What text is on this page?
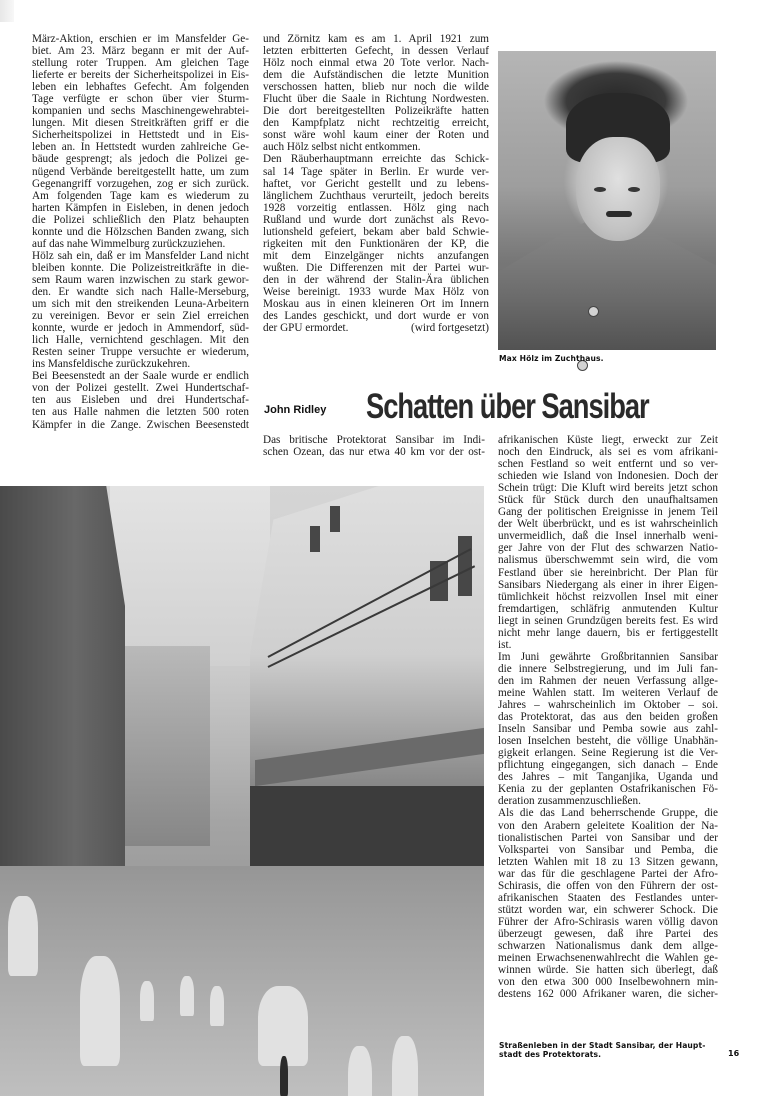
März-Aktion, erschien er im Mansfelder Ge-

biet. Am 23. März begann er mit der Auf-

stellung roter Truppen. Am gleichen Tage

lieferte er bereits der Sicherheitspolizei in Eis-

leben ein lebhaftes Gefecht. Am folgenden

Tage verfügte er schon über vier Sturm-

kompanien und sechs Maschinengewehrabtei-

lungen. Mit diesen Streitkräften griff er die

Sicherheitspolizei in Hettstedt und in Eis-

leben an. In Hettstedt wurden zahlreiche Ge-

bäude gesprengt; als jedoch die Polizei ge-

nügend Verbände bereitgestellt hatte, um zum

Gegenangriff vorzugehen, zog er sich zurück.

Am folgenden Tage kam es wiederum zu

harten Kämpfen in Eisleben, in denen jedoch

die Polizei schließlich den Platz behaupten

konnte und die Hölzschen Banden zwang, sich

auf das nahe Wimmelburg zurückzuziehen.

Hölz sah ein, daß er im Mansfelder Land nicht

bleiben konnte. Die Polizeistreitkräfte in die-

sem Raum waren inzwischen zu stark gewor-

den. Er wandte sich nach Halle-Merseburg,

um sich mit den streikenden Leuna-Arbeitern

zu vereinigen. Bevor er sein Ziel erreichen

konnte, wurde er jedoch in Ammendorf, süd-

lich Halle, vernichtend geschlagen. Mit den

Resten seiner Truppe versuchte er wiederum,

ins Mansfeldische zurückzukehren.

Bei Beesenstedt an der Saale wurde er endlich

von der Polizei gestellt. Zwei Hundertschaf-

ten aus Eisleben und drei Hundertschaf-

ten aus Halle nahmen die letzten 500 roten

Kämpfer in die Zange. Zwischen Beesenstedt

und Zörnitz kam es am 1. April 1921 zum

letzten erbitterten Gefecht, in dessen Verlauf

Hölz noch einmal etwa 20 Tote verlor. Nach-

dem die Aufständischen die letzte Munition

verschossen hatten, blieb nur noch die wilde

Flucht über die Saale in Richtung Nordwesten.

Die dort bereitgestellten Polizeikräfte hatten

den Kampfplatz nicht rechtzeitig erreicht,

sonst wäre wohl kaum einer der Roten und

auch Hölz selbst nicht entkommen.

Den Räuberhauptmann erreichte das Schick-

sal 14 Tage später in Berlin. Er wurde ver-

haftet, vor Gericht gestellt und zu lebens-

länglichem Zuchthaus verurteilt, jedoch bereits

1928 vorzeitig entlassen. Hölz ging nach

Rußland und wurde dort zunächst als Revo-

lutionsheld gefeiert, bekam aber bald Schwie-

rigkeiten mit den Funktionären der KP, die

mit dem Einzelgänger nichts anzufangen

wußten. Die Differenzen mit der Partei wur-

den in der während der Stalin-Ära üblichen

Weise bereinigt. 1933 wurde Max Hölz von

Moskau aus in einen kleineren Ort im Innern

des Landes geschickt, und dort wurde er von

der GPU ermordet.	(wird fortgesetzt)
Max Hölz im Zuchthaus.
John Ridley Schatten über Sansibar

Das britische Protektorat Sansibar im Indi-

schen Ozean, das nur etwa 40 km vor der ost-

afrikanischen Küste liegt, erweckt zur Zeit

noch den Eindruck, als sei es vom afrikani-

schen Festland so weit entfernt und so ver-

schieden wie Island von Indonesien. Doch der

Schein trügt: Die Kluft wird bereits jetzt schon

Stück für Stück durch den unaufhaltsamen

Gang der politischen Ereignisse in jenem Teil

der Welt überbrückt, und es ist wahrscheinlich

unvermeidlich, daß die Insel innerhalb weni-

ger Jahre von der Flut des schwarzen Natio-

nalismus überschwemmt sein wird, die vom

Festland über sie hereinbricht. Der Plan für

Sansibars Niedergang als einer in ihrer Eigen-

tümlichkeit höchst reizvollen Insel mit einer

fremdartigen, schläfrig anmutenden Kultur

liegt in seinen Grundzügen bereits fest. Es wird

nicht mehr lange dauern, bis er fertiggestellt

ist.

Im Juni gewährte Großbritannien Sansibar

die innere Selbstregierung, und im Juli fan-

den im Rahmen der neuen Verfassung allge-

meine Wahlen statt. Im weiteren Verlauf de

Jahres – wahrscheinlich im Oktober – soi.

das Protektorat, das aus den beiden großen

Inseln Sansibar und Pemba sowie aus zahl-

losen Inselchen besteht, die völlige Unabhän-

gigkeit erlangen. Seine Regierung ist die Ver-

pflichtung eingegangen, sich danach – Ende

des Jahres – mit Tanganjika, Uganda und

Kenia zu der geplanten Ostafrikanischen Fö-

deration zusammenzuschließen.

Als die das Land beherrschende Gruppe, die

von den Arabern geleitete Koalition der Na-

tionalistischen Partei von Sansibar und der

Volkspartei von Sansibar und Pemba, die

letzten Wahlen mit 18 zu 13 Sitzen gewann,

war das für die geschlagene Partei der Afro-

Schirasis, die offen von den Führern der ost-

afrikanischen Staaten des Festlandes unter-

stützt worden war, ein schwerer Schock. Die

Führer der Afro-Schirasis waren völlig davon

überzeugt gewesen, daß ihre Partei des

schwarzen Nationalismus dank dem allge-

meinen Erwachsenenwahlrecht die Wahlen ge-

winnen würde. Sie hatten sich überlegt, daß

von den etwa 300 000 Inselbewohnern min-

destens 162 000 Afrikaner waren, die sicher-

Straßenleben in der Stadt Sansibar, der Haupt-
stadt des Protektorats.	16
